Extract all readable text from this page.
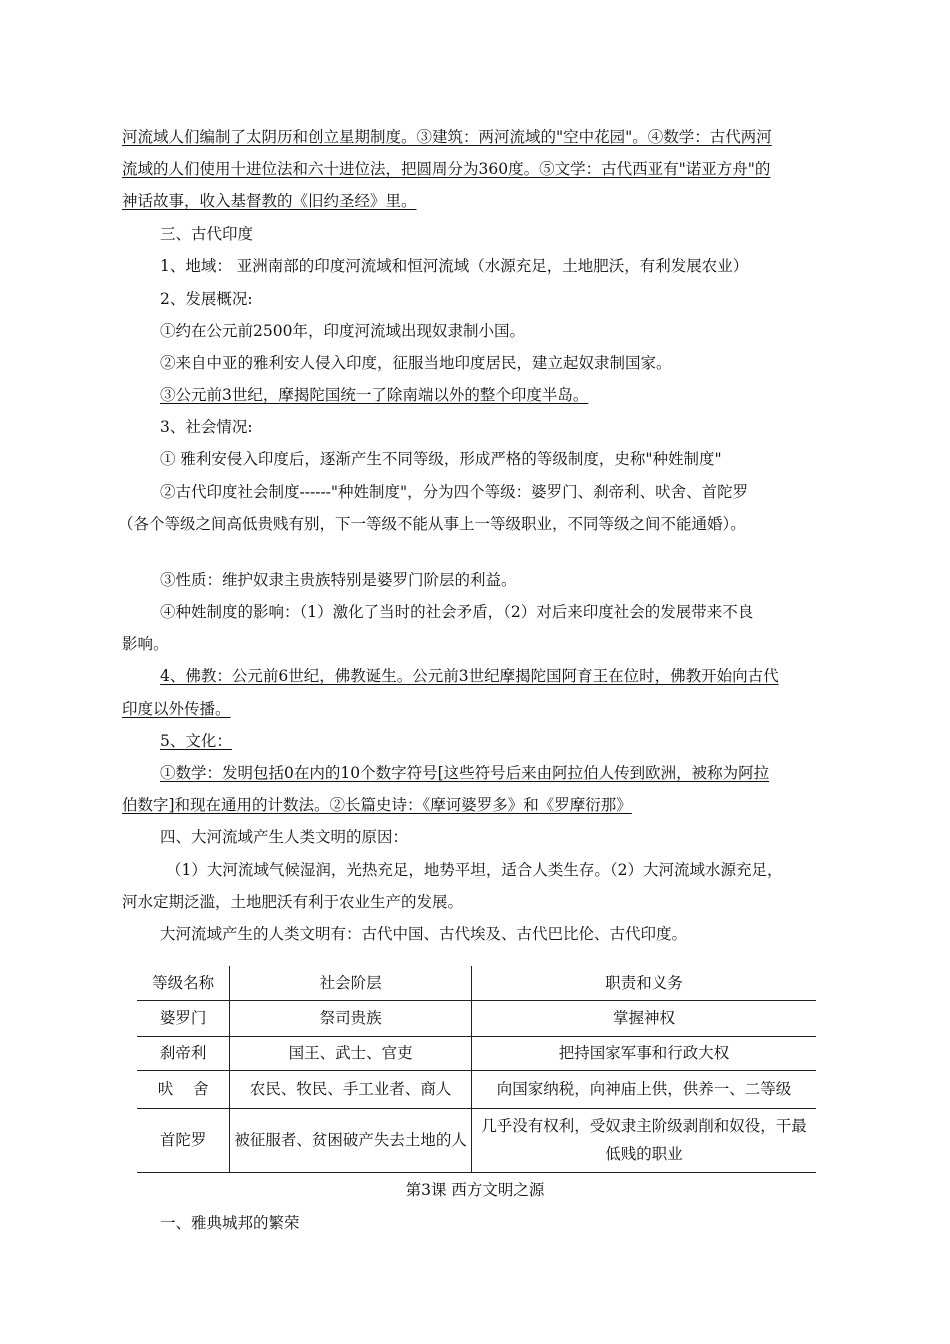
河流域人们编制了太阴历和创立星期制度。③建筑：两河流域的"空中花园"。④数学：古代两河
流域的人们使用十进位法和六十进位法，把圆周分为360度。⑤文学：古代西亚有"诺亚方舟"的
神话故事，收入基督教的《旧约圣经》里。
三、古代印度
1、地域： 亚洲南部的印度河流域和恒河流域（水源充足，土地肥沃，有利发展农业）
2、发展概况:
①约在公元前2500年，印度河流域出现奴隶制小国。
②来自中亚的雅利安人侵入印度，征服当地印度居民，建立起奴隶制国家。
③公元前3世纪，摩揭陀国统一了除南端以外的整个印度半岛。
3、社会情况:
① 雅利安侵入印度后，逐渐产生不同等级，形成严格的等级制度，史称"种姓制度"
②古代印度社会制度------"种姓制度"，分为四个等级：婆罗门、刹帝利、吠舍、首陀罗
（各个等级之间高低贵贱有别，下一等级不能从事上一等级职业，不同等级之间不能通婚）。
③性质：维护奴隶主贵族特别是婆罗门阶层的利益。
④种姓制度的影响：（1）激化了当时的社会矛盾，（2）对后来印度社会的发展带来不良
影响。
4、佛教：公元前6世纪，佛教诞生。公元前3世纪摩揭陀国阿育王在位时，佛教开始向古代
印度以外传播。
5、文化：
①数学：发明包括0在内的10个数字符号[这些符号后来由阿拉伯人传到欧洲，被称为阿拉
伯数字]和现在通用的计数法。②长篇史诗：《摩诃婆罗多》和《罗摩衍那》
四、大河流域产生人类文明的原因：
（1）大河流域气候湿润，光热充足，地势平坦，适合人类生存。（2）大河流域水源充足，
河水定期泛滥，土地肥沃有利于农业生产的发展。
大河流域产生的人类文明有：古代中国、古代埃及、古代巴比伦、古代印度。
等级名称	社会阶层	职责和义务
婆罗门	祭司贵族	掌握神权
刹帝利	国王、武士、官吏	把持国家军事和行政大权
吠    舍	农民、牧民、手工业者、商人	向国家纳税，向神庙上供，供养一、二等级
首陀罗	被征服者、贫困破产失去土地的人	几乎没有权利，受奴隶主阶级剥削和奴役，干最低贱的职业
第3课 西方文明之源
一、雅典城邦的繁荣
